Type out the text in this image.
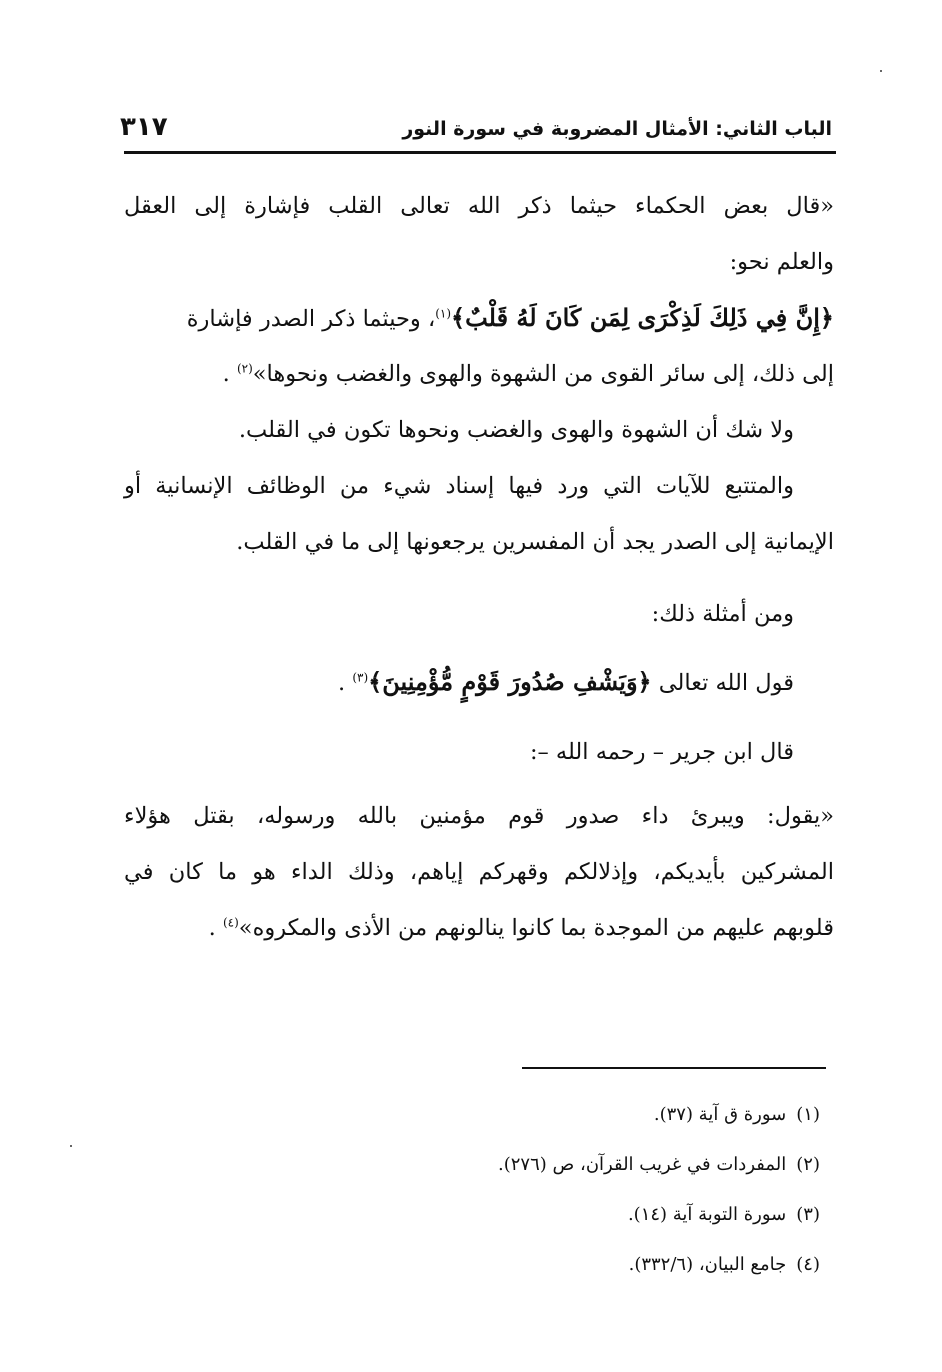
الباب الثاني: الأمثال المضروبة في سورة النور
٣١٧
«قال بعض الحكماء حيثما ذكر الله تعالى القلب فإشارة إلى العقل
والعلم نحو:
﴿إِنَّ فِي ذَلِكَ لَذِكْرَى لِمَن كَانَ لَهُ قَلْبٌ﴾$^{(١)}$، وحيثما ذكر الصدر فإشارة
إلى ذلك، إلى سائر القوى من الشهوة والهوى والغضب ونحوها»$^{(٢)}$ .
ولا شك أن الشهوة والهوى والغضب ونحوها تكون في القلب.
والمتتبع للآيات التي ورد فيها إسناد شيء من الوظائف الإنسانية أو
الإيمانية إلى الصدر يجد أن المفسرين يرجعونها إلى ما في القلب.
ومن أمثلة ذلك:
قول الله تعالى ﴿وَيَشْفِ صُدُورَ قَوْمٍ مُّؤْمِنِينَ﴾$^{(٣)}$ .
قال ابن جرير – رحمه الله –:
«يقول: ويبرئ داء صدور قوم مؤمنين بالله ورسوله، بقتل هؤلاء
المشركين بأيديكم، وإذلالكم وقهركم إياهم، وذلك الداء هو ما كان في
قلوبهم عليهم من الموجدة بما كانوا ينالونهم من الأذى والمكروه»$^{(٤)}$ .
(١)سورة ق آية (٣٧).
(٢)المفردات في غريب القرآن، ص (٢٧٦).
(٣)سورة التوبة آية (١٤).
(٤)جامع البيان، (٣٣٢/٦).
